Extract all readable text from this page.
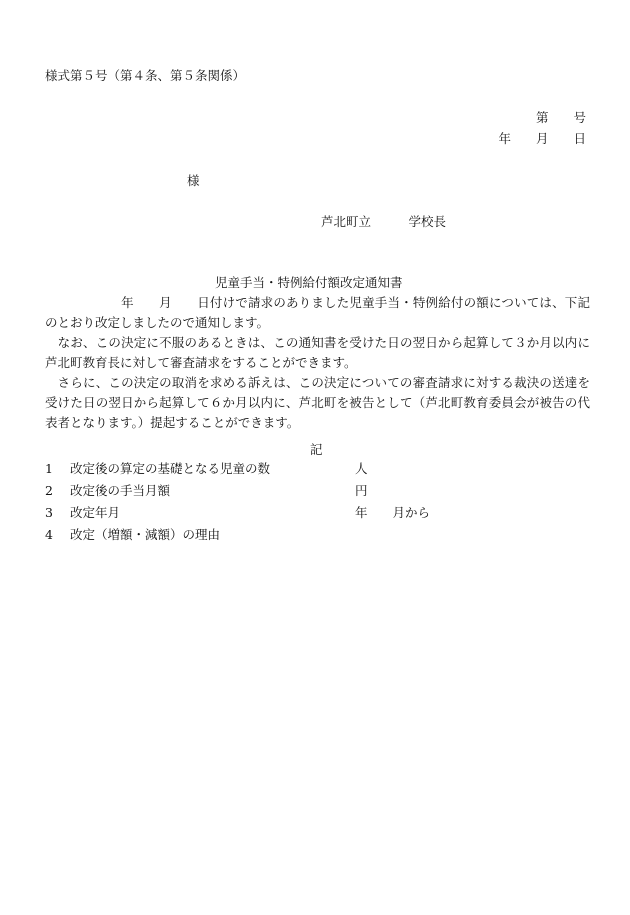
様式第５号（第４条、第５条関係）
第　　号
年　　月　　日
様
芦北町立　　　学校長
児童手当・特例給付額改定通知書
　　　　　　年　　月　　日付けで請求のありました児童手当・特例給付の額については、下記のとおり改定しましたので通知します。
　なお、この決定に不服のあるときは、この通知書を受けた日の翌日から起算して３か月以内に芦北町教育長に対して審査請求をすることができます。
　さらに、この決定の取消を求める訴えは、この決定についての審査請求に対する裁決の送達を受けた日の翌日から起算して６か月以内に、芦北町を被告として（芦北町教育委員会が被告の代表者となります。）提起することができます。
記
1 改定後の算定の基礎となる児童の数	人
2 改定後の手当月額	円
3 改定年月	年　　月から
4 改定（増額・減額）の理由
